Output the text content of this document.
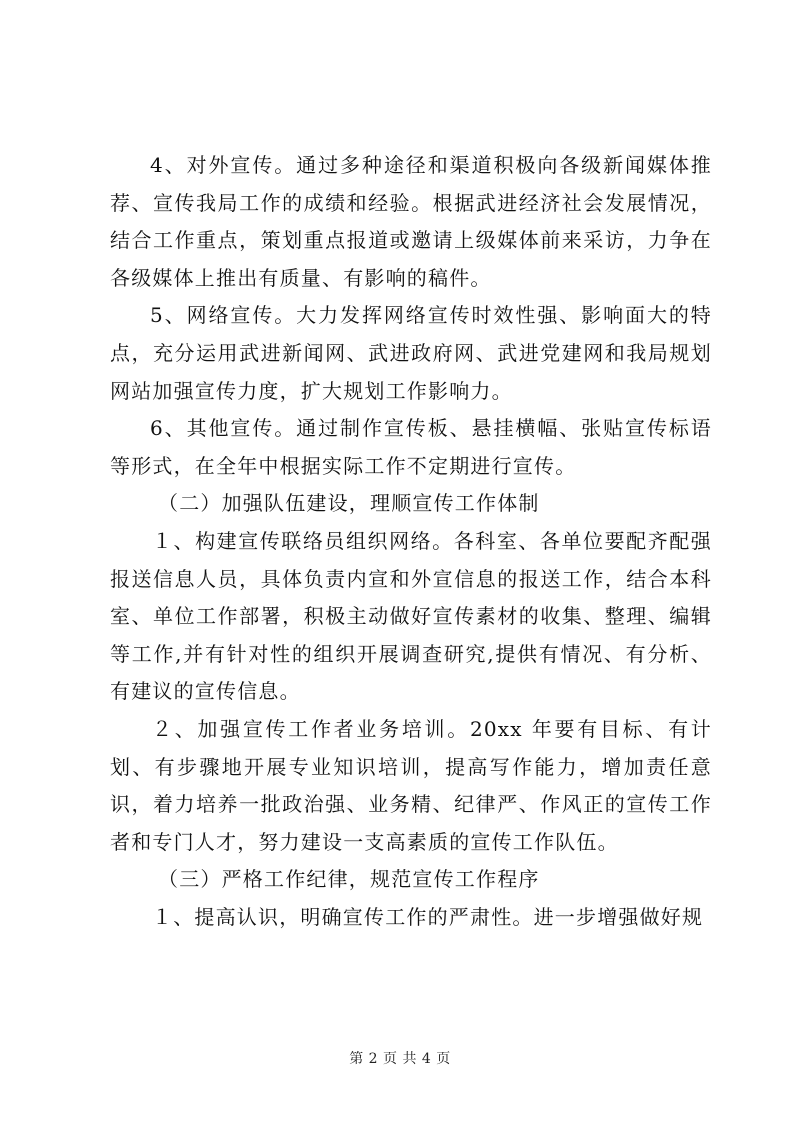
4、对外宣传。通过多种途径和渠道积极向各级新闻媒体推荐、宣传我局工作的成绩和经验。根据武进经济社会发展情况，结合工作重点，策划重点报道或邀请上级媒体前来采访，力争在各级媒体上推出有质量、有影响的稿件。

5、网络宣传。大力发挥网络宣传时效性强、影响面大的特点，充分运用武进新闻网、武进政府网、武进党建网和我局规划网站加强宣传力度，扩大规划工作影响力。

6、其他宣传。通过制作宣传板、悬挂横幅、张贴宣传标语等形式，在全年中根据实际工作不定期进行宣传。

（二）加强队伍建设，理顺宣传工作体制

１、构建宣传联络员组织网络。各科室、各单位要配齐配强报送信息人员，具体负责内宣和外宣信息的报送工作，结合本科室、单位工作部署，积极主动做好宣传素材的收集、整理、编辑等工作,并有针对性的组织开展调查研究,提供有情况、有分析、有建议的宣传信息。

２、加强宣传工作者业务培训。20xx 年要有目标、有计划、有步骤地开展专业知识培训，提高写作能力，增加责任意识，着力培养一批政治强、业务精、纪律严、作风正的宣传工作者和专门人才，努力建设一支高素质的宣传工作队伍。

（三）严格工作纪律，规范宣传工作程序

１、提高认识，明确宣传工作的严肃性。进一步增强做好规

第 2 页 共 4 页
